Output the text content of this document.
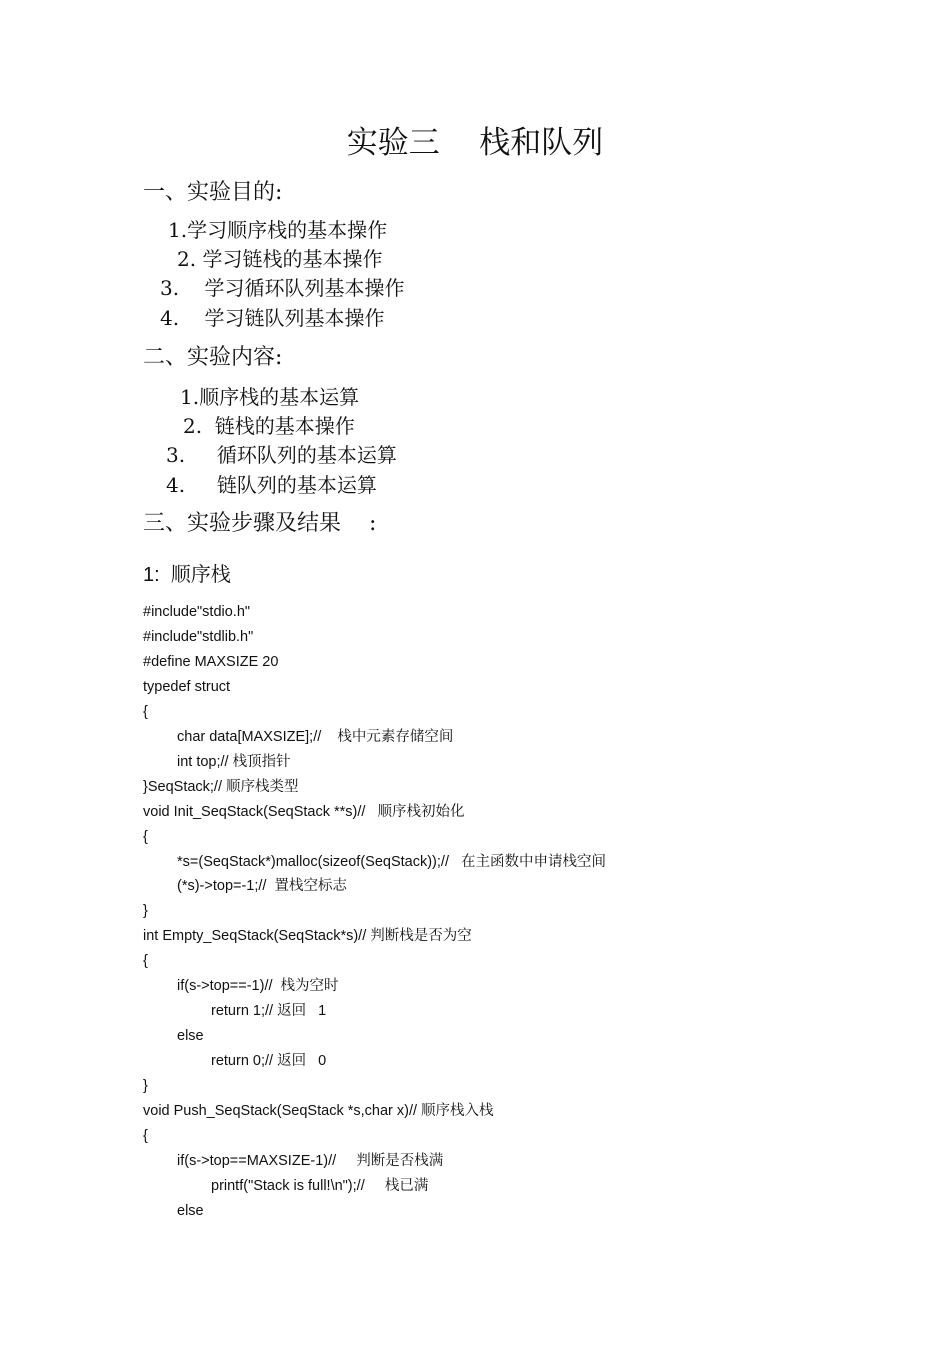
实验三    栈和队列
一、实验目的:
1.学习顺序栈的基本操作
2. 学习链栈的基本操作
3.    学习循环队列基本操作
4.    学习链队列基本操作
二、实验内容:
1.顺序栈的基本运算
2.  链栈的基本操作
3.     循环队列的基本运算
4.     链队列的基本运算
三、实验步骤及结果    :
1:  顺序栈
#include"stdio.h"
#include"stdlib.h"
#define MAXSIZE 20
typedef struct
{
char data[MAXSIZE];//    栈中元素存储空间
int top;// 栈顶指针
}SeqStack;// 顺序栈类型
void Init_SeqStack(SeqStack **s)//   顺序栈初始化
{
*s=(SeqStack*)malloc(sizeof(SeqStack));//   在主函数中申请栈空间
(*s)->top=-1;//  置栈空标志
}
int Empty_SeqStack(SeqStack*s)// 判断栈是否为空
{
if(s->top==-1)//  栈为空时
return 1;// 返回   1
else
return 0;// 返回   0
}
void Push_SeqStack(SeqStack *s,char x)// 顺序栈入栈
{
if(s->top==MAXSIZE-1)//     判断是否栈满
printf("Stack is full!\n");//     栈已满
else
